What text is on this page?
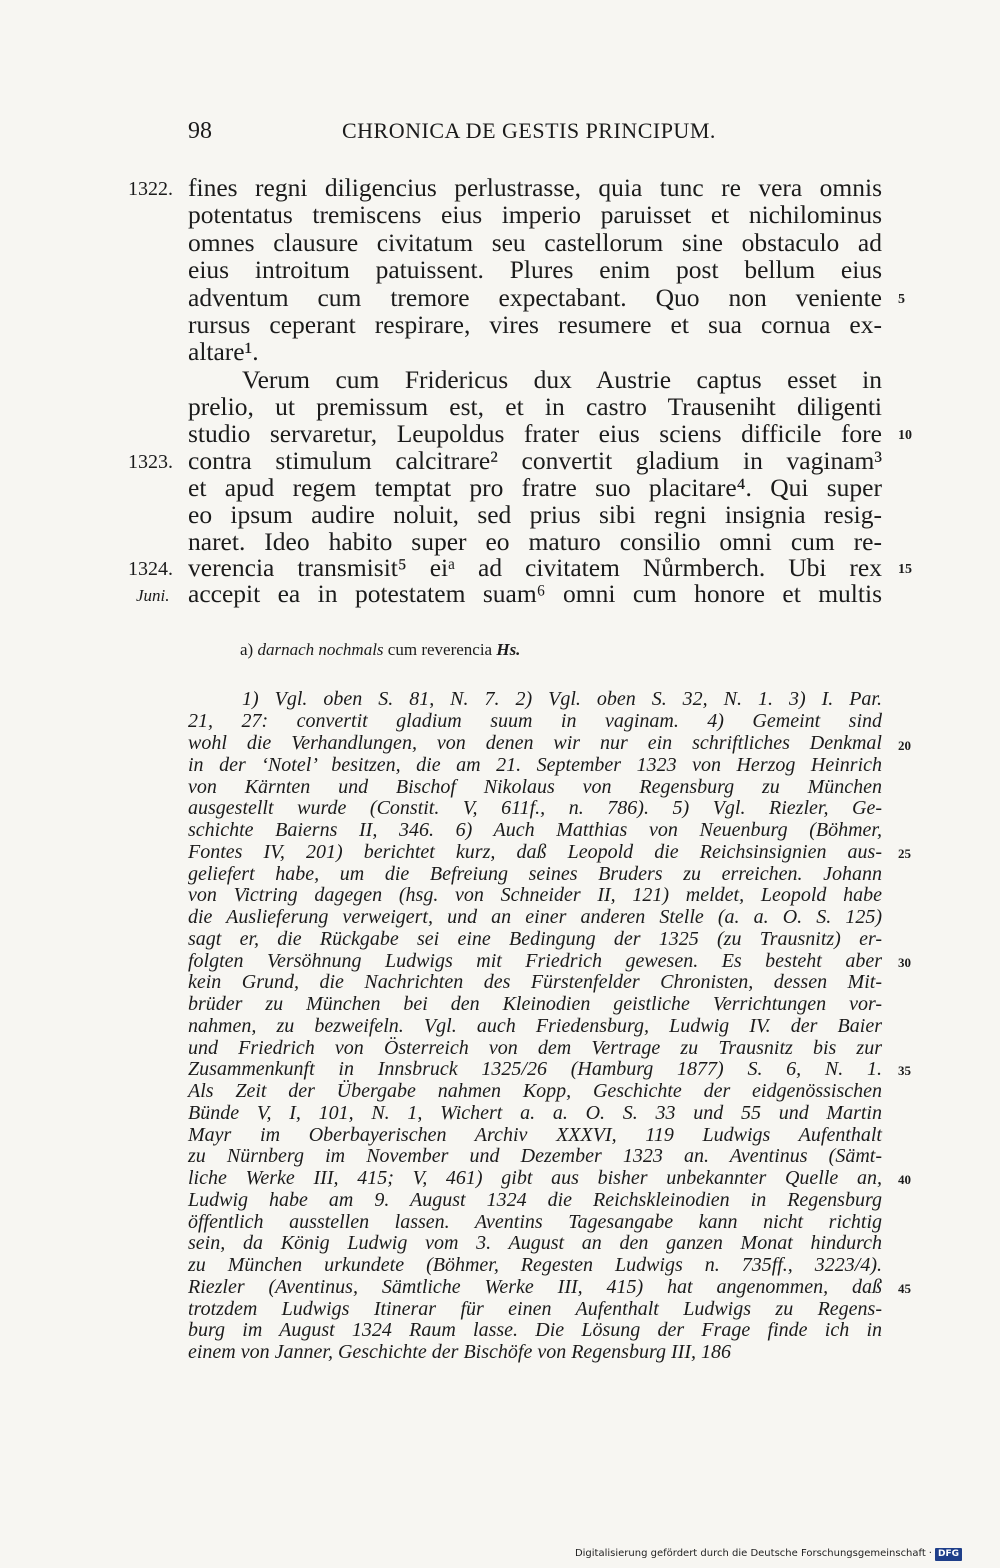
98	CHRONICA DE GESTIS PRINCIPUM.
fines regni diligencius perlustrasse, quia tunc re vera omnis
potentatus tremiscens eius imperio paruisset et nichilominus
omnes clausure civitatum seu castellorum sine obstaculo ad
eius introitum patuissent. Plures enim post bellum eius
adventum cum tremore expectabant. Quo non veniente
rursus ceperant respirare, vires resumere et sua cornua ex-
altare¹.
Verum cum Fridericus dux Austrie captus esset in
prelio, ut premissum est, et in castro Trauseniht diligenti
studio servaretur, Leupoldus frater eius sciens difficile fore
contra stimulum calcitrare² convertit gladium in vaginam³
et apud regem temptat pro fratre suo placitare⁴. Qui super
eo ipsum audire noluit, sed prius sibi regni insignia resig-
naret. Ideo habito super eo maturo consilio omni cum re-
verencia transmisit⁵ eiᵃ ad civitatem Nůrmberch. Ubi rex
accepit ea in potestatem suam⁶ omni cum honore et multis
1322.
1323.
1324.
Juni.
5
10
15
a) darnach nochmals cum reverencia Hs.
1) Vgl. oben S. 81, N. 7. 2) Vgl. oben S. 32, N. 1. 3) I. Par.
21, 27: convertit gladium suum in vaginam. 4) Gemeint sind
wohl die Verhandlungen, von denen wir nur ein schriftliches Denkmal
in der ‘Notel’ besitzen, die am 21. September 1323 von Herzog Heinrich
von Kärnten und Bischof Nikolaus von Regensburg zu München
ausgestellt wurde (Constit. V, 611f., n. 786). 5) Vgl. Riezler, Ge-
schichte Baierns II, 346. 6) Auch Matthias von Neuenburg (Böhmer,
Fontes IV, 201) berichtet kurz, daß Leopold die Reichsinsignien aus-
geliefert habe, um die Befreiung seines Bruders zu erreichen. Johann
von Victring dagegen (hsg. von Schneider II, 121) meldet, Leopold habe
die Auslieferung verweigert, und an einer anderen Stelle (a. a. O. S. 125)
sagt er, die Rückgabe sei eine Bedingung der 1325 (zu Trausnitz) er-
folgten Versöhnung Ludwigs mit Friedrich gewesen. Es besteht aber
kein Grund, die Nachrichten des Fürstenfelder Chronisten, dessen Mit-
brüder zu München bei den Kleinodien geistliche Verrichtungen vor-
nahmen, zu bezweifeln. Vgl. auch Friedensburg, Ludwig IV. der Baier
und Friedrich von Österreich von dem Vertrage zu Trausnitz bis zur
Zusammenkunft in Innsbruck 1325/26 (Hamburg 1877) S. 6, N. 1.
Als Zeit der Übergabe nahmen Kopp, Geschichte der eidgenössischen
Bünde V, I, 101, N. 1, Wichert a. a. O. S. 33 und 55 und Martin
Mayr im Oberbayerischen Archiv XXXVI, 119 Ludwigs Aufenthalt
zu Nürnberg im November und Dezember 1323 an. Aventinus (Sämt-
liche Werke III, 415; V, 461) gibt aus bisher unbekannter Quelle an,
Ludwig habe am 9. August 1324 die Reichskleinodien in Regensburg
öffentlich ausstellen lassen. Aventins Tagesangabe kann nicht richtig
sein, da König Ludwig vom 3. August an den ganzen Monat hindurch
zu München urkundete (Böhmer, Regesten Ludwigs n. 735ff., 3223/4).
Riezler (Aventinus, Sämtliche Werke III, 415) hat angenommen, daß
trotzdem Ludwigs Itinerar für einen Aufenthalt Ludwigs zu Regens-
burg im August 1324 Raum lasse. Die Lösung der Frage finde ich in
einem von Janner, Geschichte der Bischöfe von Regensburg III, 186
20
25
30
35
40
45
Digitalisierung gefördert durch die Deutsche Forschungsgemeinschaft · DFG
